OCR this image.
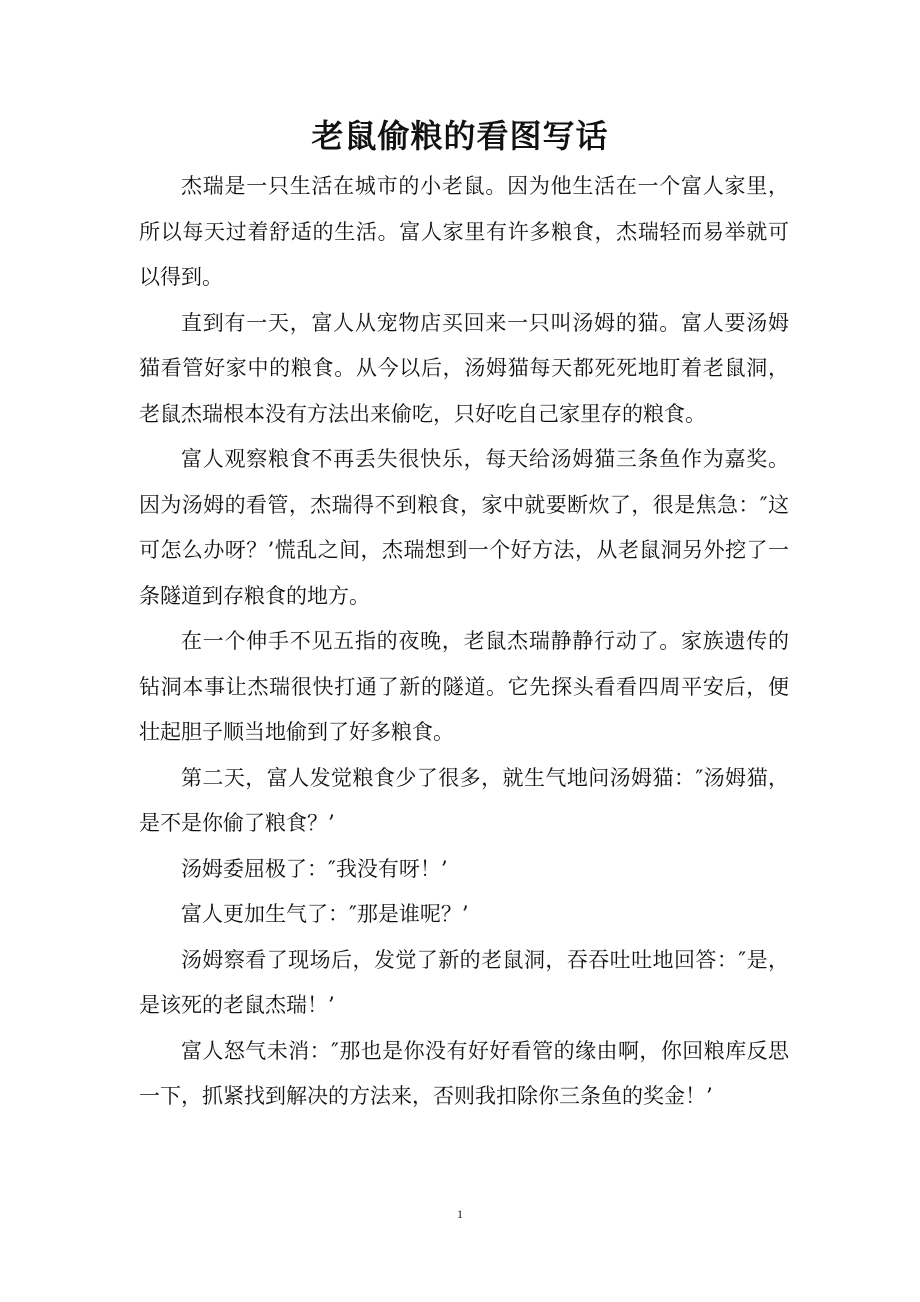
老鼠偷粮的看图写话

杰瑞是一只生活在城市的小老鼠。因为他生活在一个富人家里，所以每天过着舒适的生活。富人家里有许多粮食，杰瑞轻而易举就可以得到。

直到有一天，富人从宠物店买回来一只叫汤姆的猫。富人要汤姆猫看管好家中的粮食。从今以后，汤姆猫每天都死死地盯着老鼠洞，老鼠杰瑞根本没有方法出来偷吃，只好吃自己家里存的粮食。

富人观察粮食不再丢失很快乐，每天给汤姆猫三条鱼作为嘉奖。因为汤姆的看管，杰瑞得不到粮食，家中就要断炊了，很是焦急：″这可怎么办呀？’慌乱之间，杰瑞想到一个好方法，从老鼠洞另外挖了一条隧道到存粮食的地方。

在一个伸手不见五指的夜晚，老鼠杰瑞静静行动了。家族遗传的钻洞本事让杰瑞很快打通了新的隧道。它先探头看看四周平安后，便壮起胆子顺当地偷到了好多粮食。

第二天，富人发觉粮食少了很多，就生气地问汤姆猫：″汤姆猫，是不是你偷了粮食？’

汤姆委屈极了：″我没有呀！’

富人更加生气了：″那是谁呢？’

汤姆察看了现场后，发觉了新的老鼠洞，吞吞吐吐地回答：″是，是该死的老鼠杰瑞！’

富人怒气未消：″那也是你没有好好看管的缘由啊，你回粮库反思一下，抓紧找到解决的方法来，否则我扣除你三条鱼的奖金！’

1
